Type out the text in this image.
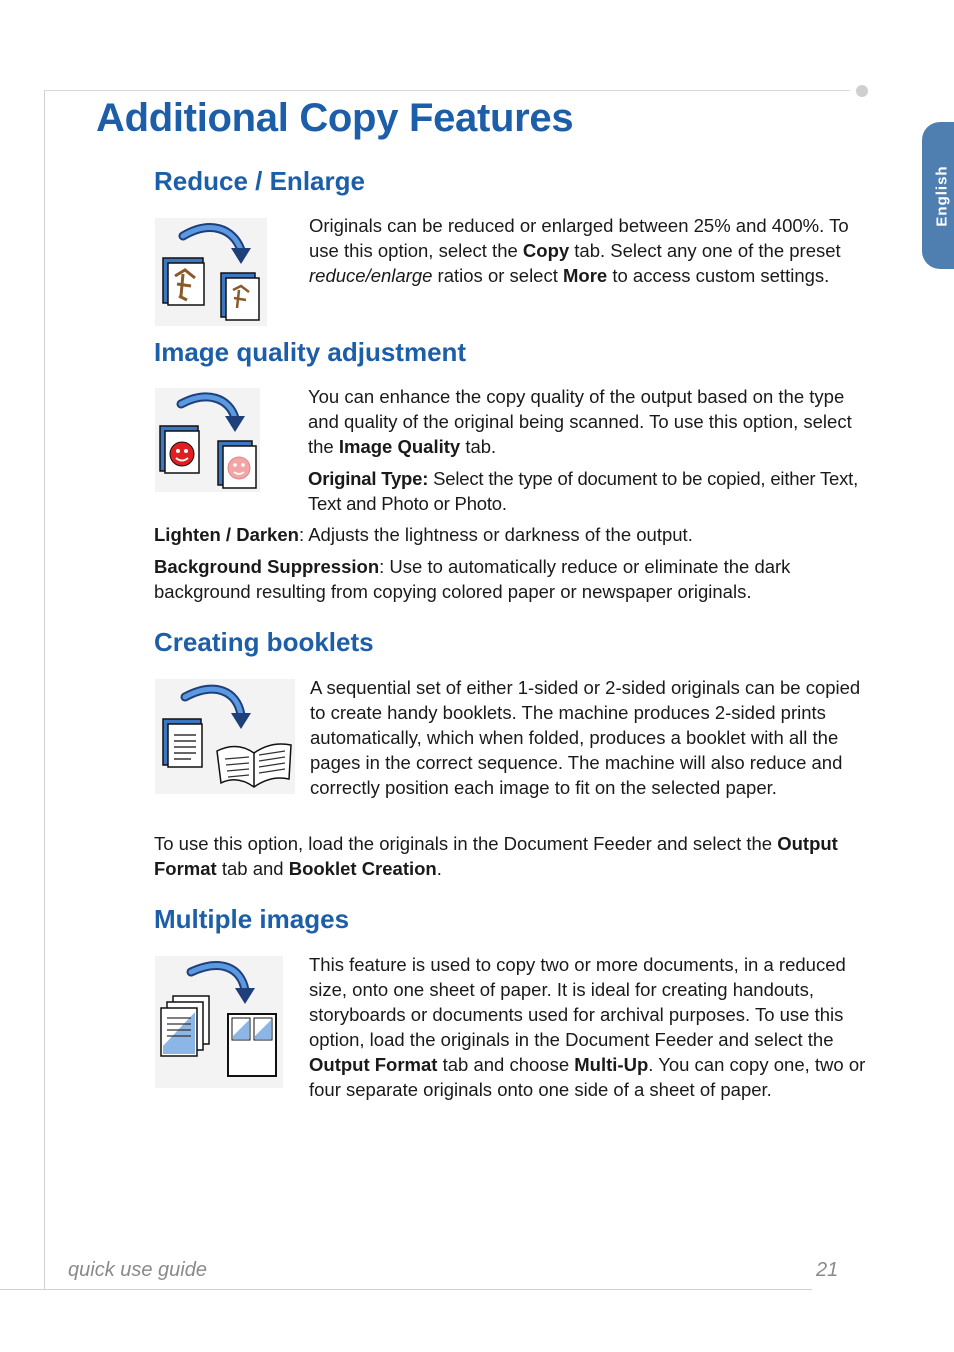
English
Additional Copy Features
Reduce / Enlarge

Originals can be reduced or enlarged between 25% and 400%. To use this option, select the Copy tab. Select any one of the preset reduce/enlarge ratios or select More to access custom settings.

Image quality adjustment

You can enhance the copy quality of the output based on the type and quality of the original being scanned. To use this option, select the Image Quality tab.

Original Type: Select the type of document to be copied, either Text, Text and Photo or Photo.

Lighten / Darken: Adjusts the lightness or darkness of the output.

Background Suppression: Use to automatically reduce or eliminate the dark background resulting from copying colored paper or newspaper originals.

Creating booklets

A sequential set of either 1-sided or 2-sided originals can be copied to create handy booklets. The machine produces 2-sided prints automatically, which when folded, produces a booklet with all the pages in the correct sequence. The machine will also reduce and correctly position each image to fit on the selected paper.

To use this option, load the originals in the Document Feeder and select the Output Format tab and Booklet Creation.

Multiple images

This feature is used to copy two or more documents, in a reduced size, onto one sheet of paper. It is ideal for creating handouts, storyboards or documents used for archival purposes. To use this option, load the originals in the Document Feeder and select the Output Format tab and choose Multi-Up. You can copy one, two or four separate originals onto one side of a sheet of paper.

quick use guide	21
